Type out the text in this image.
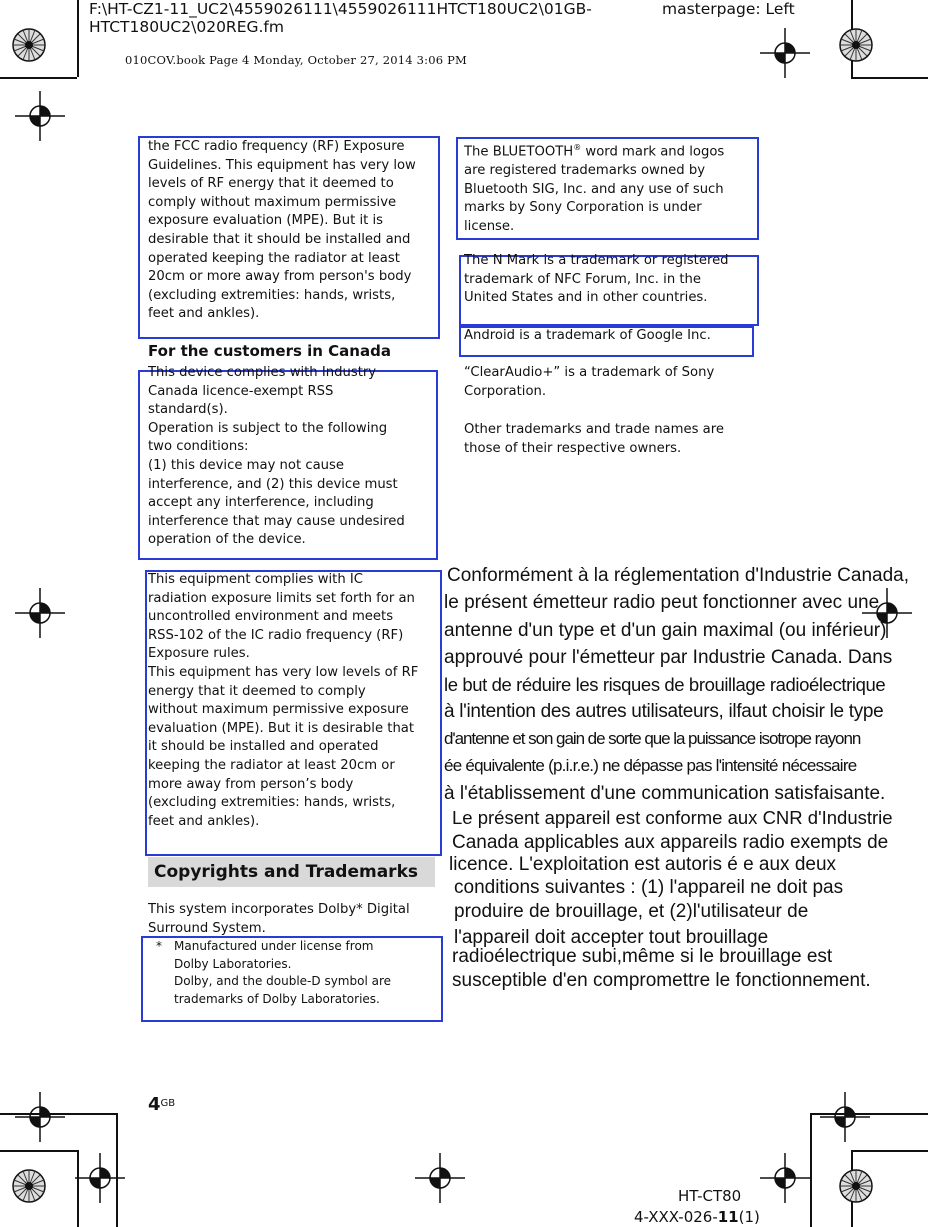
F:\HT-CZ1-11_UC2\4559026111\4559026111HTCT180UC2\01GB-
HTCT180UC2\020REG.fm
masterpage: Left
010COV.book Page 4 Monday, October 27, 2014 3:06 PM
the FCC radio frequency (RF) Exposure
Guidelines. This equipment has very low
levels of RF energy that it deemed to
comply without maximum permissive
exposure evaluation (MPE). But it is
desirable that it should be installed and
operated keeping the radiator at least
20cm or more away from person's body
(excluding extremities: hands, wrists,
feet and ankles).
For the customers in Canada
This device complies with Industry
Canada licence-exempt RSS
standard(s).
Operation is subject to the following
two conditions:
(1) this device may not cause
interference, and (2) this device must
accept any interference, including
interference that may cause undesired
operation of the device.
This equipment complies with IC
radiation exposure limits set forth for an
uncontrolled environment and meets
RSS-102 of the IC radio frequency (RF)
Exposure rules.
This equipment has very low levels of RF
energy that it deemed to comply
without maximum permissive exposure
evaluation (MPE). But it is desirable that
it should be installed and operated
keeping the radiator at least 20cm or
more away from person’s body
(excluding extremities: hands, wrists,
feet and ankles).
Copyrights and Trademarks
This system incorporates Dolby* Digital
Surround System.
* Manufactured under license from
Dolby Laboratories.
Dolby, and the double-D symbol are
trademarks of Dolby Laboratories.
The BLUETOOTH® word mark and logos
are registered trademarks owned by
Bluetooth SIG, Inc. and any use of such
marks by Sony Corporation is under
license.
The N Mark is a trademark or registered
trademark of NFC Forum, Inc. in the
United States and in other countries.
Android is a trademark of Google Inc.
“ClearAudio+” is a trademark of Sony
Corporation.
Other trademarks and trade names are
those of their respective owners.
Conformément à la réglementation d'Industrie Canada,
le présent émetteur radio peut fonctionner avec une
antenne d'un type et d'un gain maximal (ou inférieur)
approuvé pour l'émetteur par Industrie Canada. Dans
le but de réduire les risques de brouillage radioélectrique
à l'intention des autres utilisateurs, ilfaut choisir le type
d'antenne et son gain de sorte que la puissance isotrope rayonn
ée équivalente (p.i.r.e.) ne dépasse pas l'intensité nécessaire
à l'établissement d'une communication satisfaisante.
Le présent appareil est conforme aux CNR d'Industrie
Canada applicables aux appareils radio exempts de
licence. L'exploitation est autoris é e aux deux
conditions suivantes : (1) l'appareil ne doit pas
produire de brouillage, et (2)l'utilisateur de
l'appareil doit accepter tout brouillage
radioélectrique subi,même si le brouillage est
susceptible d'en compromettre le fonctionnement.
$4^{GB}$
HT-CT80
4-XXX-026-11(1)
